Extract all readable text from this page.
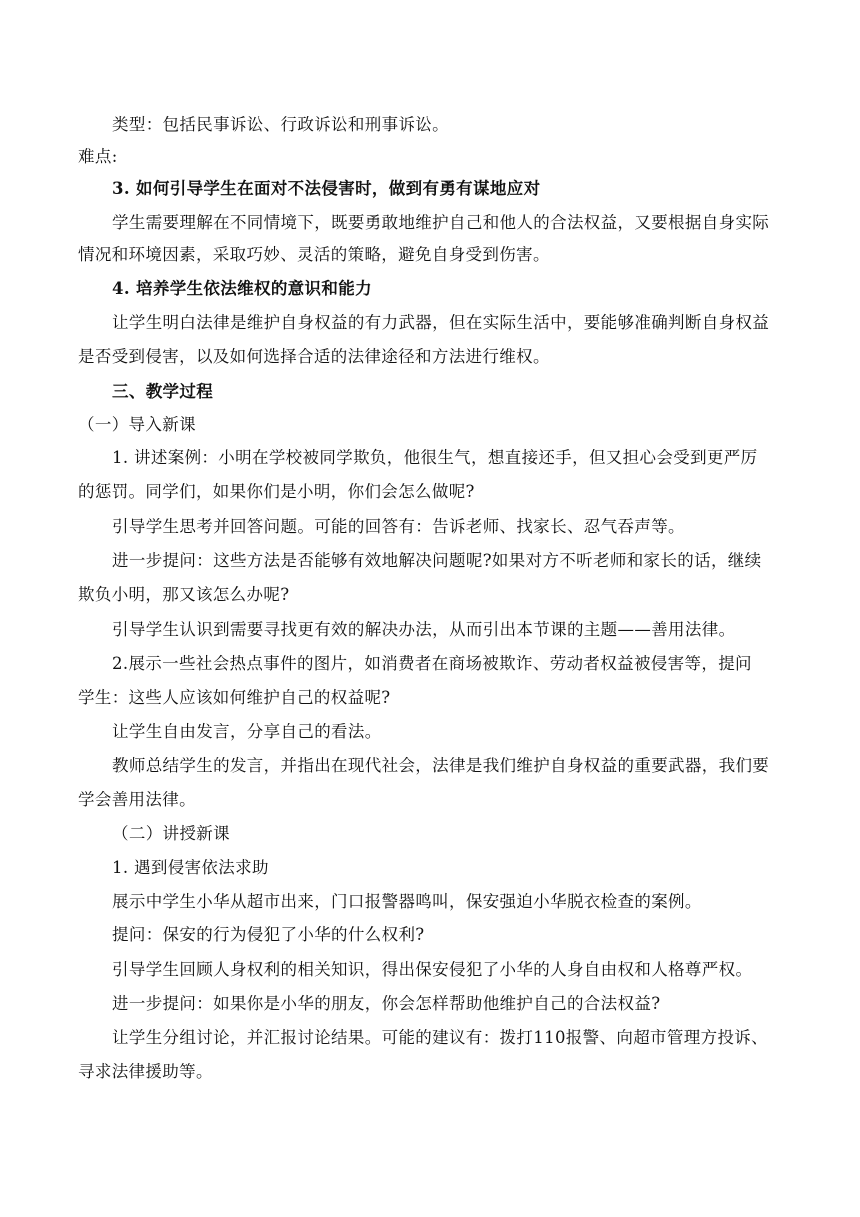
类型：包括民事诉讼、行政诉讼和刑事诉讼。
难点:
3. 如何引导学生在面对不法侵害时，做到有勇有谋地应对
学生需要理解在不同情境下，既要勇敢地维护自己和他人的合法权益，又要根据自身实际
情况和环境因素，采取巧妙、灵活的策略，避免自身受到伤害。
4. 培养学生依法维权的意识和能力
让学生明白法律是维护自身权益的有力武器，但在实际生活中，要能够准确判断自身权益
是否受到侵害，以及如何选择合适的法律途径和方法进行维权。
三、教学过程
（一）导入新课
1. 讲述案例：小明在学校被同学欺负，他很生气，想直接还手，但又担心会受到更严厉
的惩罚。同学们，如果你们是小明，你们会怎么做呢?
引导学生思考并回答问题。可能的回答有：告诉老师、找家长、忍气吞声等。
进一步提问：这些方法是否能够有效地解决问题呢?如果对方不听老师和家长的话，继续
欺负小明，那又该怎么办呢?
引导学生认识到需要寻找更有效的解决办法，从而引出本节课的主题——善用法律。
2.展示一些社会热点事件的图片，如消费者在商场被欺诈、劳动者权益被侵害等，提问
学生：这些人应该如何维护自己的权益呢?
让学生自由发言，分享自己的看法。
教师总结学生的发言，并指出在现代社会，法律是我们维护自身权益的重要武器，我们要
学会善用法律。
（二）讲授新课
1. 遇到侵害依法求助
展示中学生小华从超市出来，门口报警器鸣叫，保安强迫小华脱衣检查的案例。
提问：保安的行为侵犯了小华的什么权利?
引导学生回顾人身权利的相关知识，得出保安侵犯了小华的人身自由权和人格尊严权。
进一步提问：如果你是小华的朋友，你会怎样帮助他维护自己的合法权益?
让学生分组讨论，并汇报讨论结果。可能的建议有：拨打110报警、向超市管理方投诉、
寻求法律援助等。
